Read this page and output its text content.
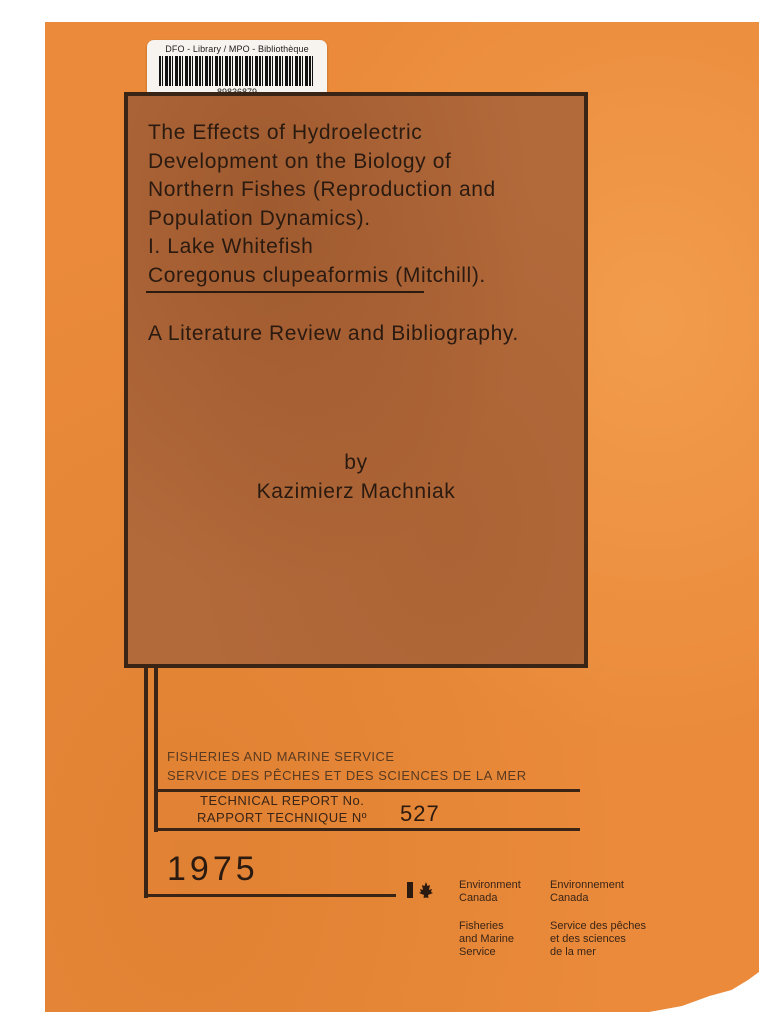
DFO - Library / MPO - Bibliothèque
The Effects of Hydroelectric
Development on the Biology of
Northern Fishes (Reproduction and
Population Dynamics).
I. Lake Whitefish
Coregonus clupeaformis (Mitchill).
A Literature Review and Bibliography.
by
Kazimierz Machniak
FISHERIES AND MARINE SERVICE
SERVICE DES PÊCHES ET DES SCIENCES DE LA MER
TECHNICAL REPORT No.
RAPPORT TECHNIQUE Nº 527
1975	Environment
Canada
Environnement
Canada
Fisheries
and Marine
Service
Service des pêches
et des sciences
de la mer
